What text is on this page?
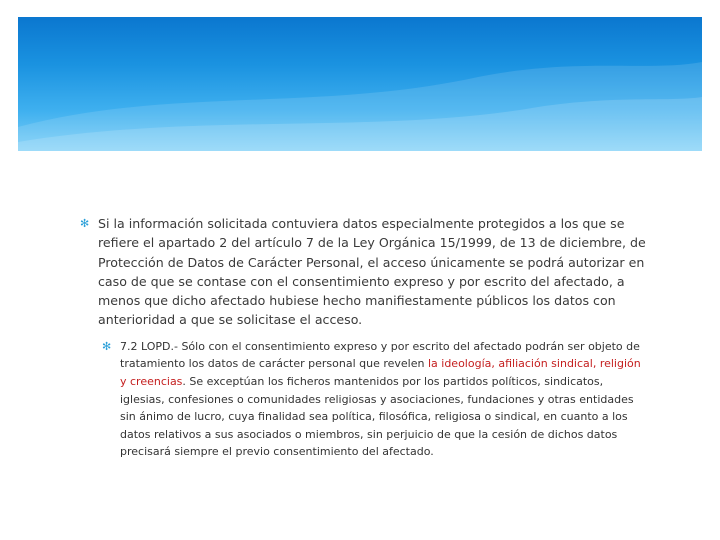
✻ Si la información solicitada contuviera datos especialmente protegidos a los que se refiere el apartado 2 del artículo 7 de la Ley Orgánica 15/1999, de 13 de diciembre, de Protección de Datos de Carácter Personal, el acceso únicamente se podrá autorizar en caso de que se contase con el consentimiento expreso y por escrito del afectado, a menos que dicho afectado hubiese hecho manifiestamente públicos los datos con anterioridad a que se solicitase el acceso.
✻ 7.2 LOPD.- Sólo con el consentimiento expreso y por escrito del afectado podrán ser objeto de tratamiento los datos de carácter personal que revelen la ideología, afiliación sindical, religión y creencias. Se exceptúan los ficheros mantenidos por los partidos políticos, sindicatos, iglesias, confesiones o comunidades religiosas y asociaciones, fundaciones y otras entidades sin ánimo de lucro, cuya finalidad sea política, filosófica, religiosa o sindical, en cuanto a los datos relativos a sus asociados o miembros, sin perjuicio de que la cesión de dichos datos precisará siempre el previo consentimiento del afectado.
